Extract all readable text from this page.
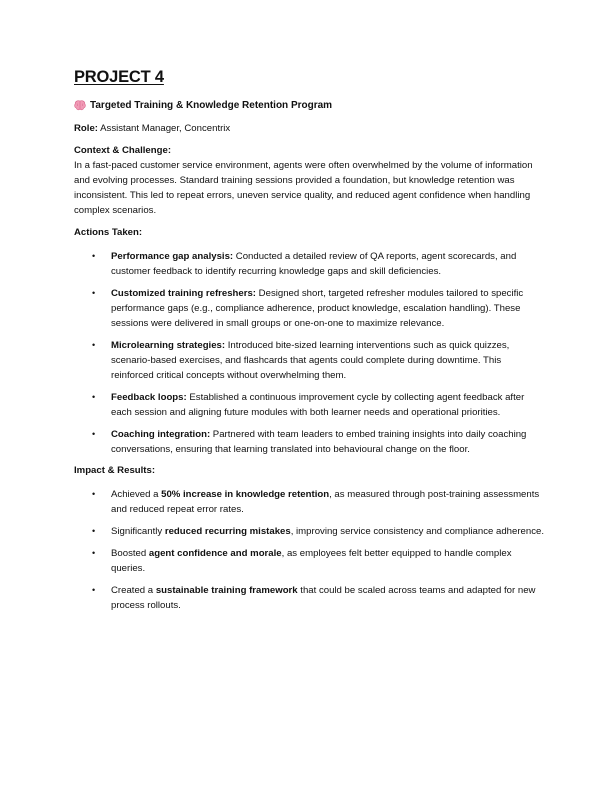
PROJECT 4
Targeted Training & Knowledge Retention Program

Role: Assistant Manager, Concentrix

Context & Challenge:

In a fast-paced customer service environment, agents were often overwhelmed by the volume of information and evolving processes. Standard training sessions provided a foundation, but knowledge retention was inconsistent. This led to repeat errors, uneven service quality, and reduced agent confidence when handling complex scenarios.

Actions Taken:

• Performance gap analysis: Conducted a detailed review of QA reports, agent scorecards, and customer feedback to identify recurring knowledge gaps and skill deficiencies.
• Customized training refreshers: Designed short, targeted refresher modules tailored to specific performance gaps (e.g., compliance adherence, product knowledge, escalation handling). These sessions were delivered in small groups or one-on-one to maximize relevance.
• Microlearning strategies: Introduced bite-sized learning interventions such as quick quizzes, scenario-based exercises, and flashcards that agents could complete during downtime. This reinforced critical concepts without overwhelming them.
• Feedback loops: Established a continuous improvement cycle by collecting agent feedback after each session and aligning future modules with both learner needs and operational priorities.
• Coaching integration: Partnered with team leaders to embed training insights into daily coaching conversations, ensuring that learning translated into behavioural change on the floor.

Impact & Results:

• Achieved a 50% increase in knowledge retention, as measured through post-training assessments and reduced repeat error rates.
• Significantly reduced recurring mistakes, improving service consistency and compliance adherence.
• Boosted agent confidence and morale, as employees felt better equipped to handle complex queries.
• Created a sustainable training framework that could be scaled across teams and adapted for new process rollouts.
